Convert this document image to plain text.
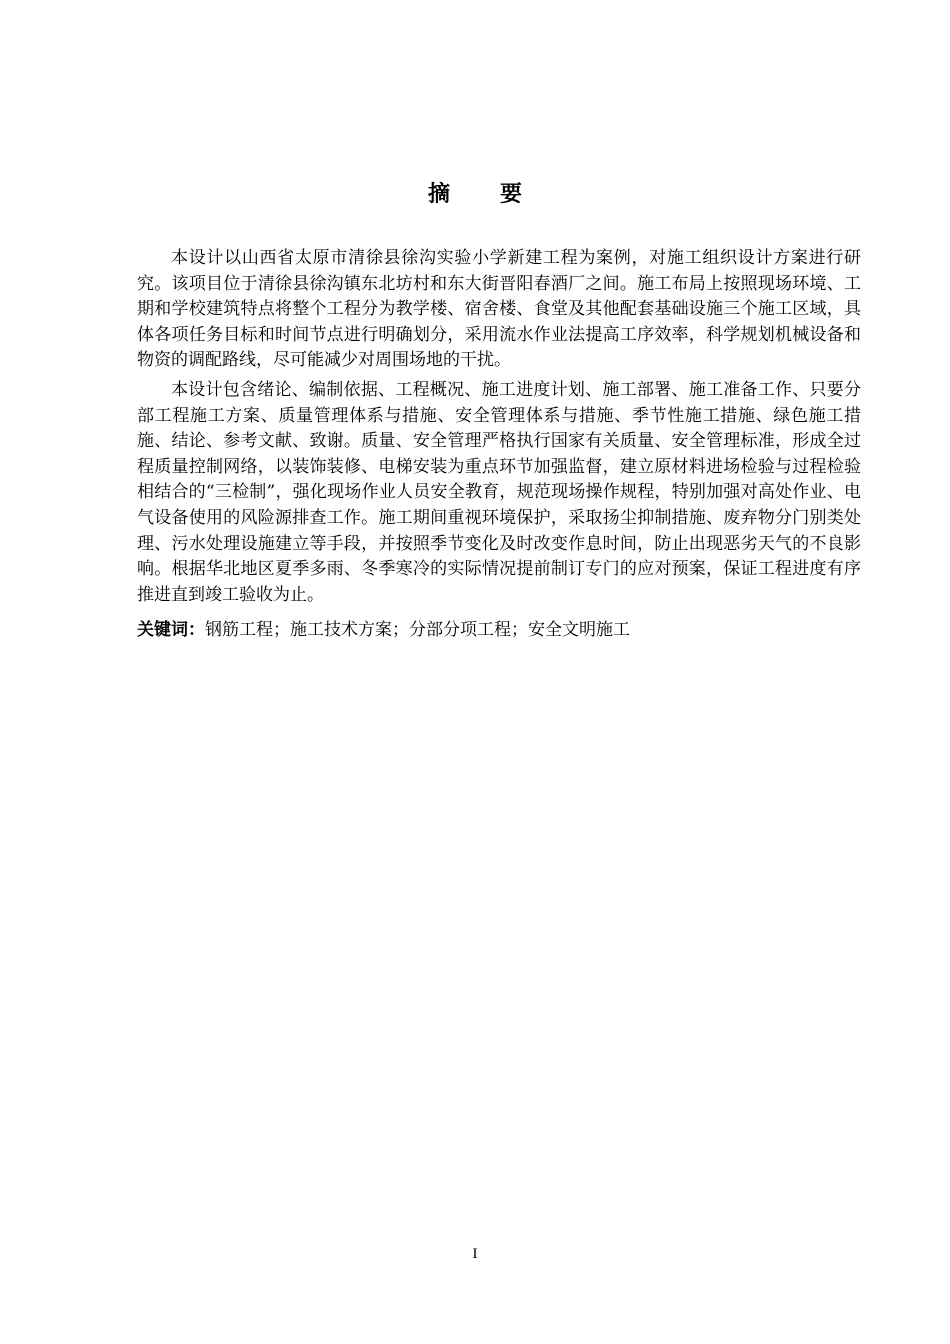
摘要

本设计以山西省太原市清徐县徐沟实验小学新建工程为案例，对施工组织设计方案进行研究。该项目位于清徐县徐沟镇东北坊村和东大街晋阳春酒厂之间。施工布局上按照现场环境、工期和学校建筑特点将整个工程分为教学楼、宿舍楼、食堂及其他配套基础设施三个施工区域，具体各项任务目标和时间节点进行明确划分，采用流水作业法提高工序效率，科学规划机械设备和物资的调配路线，尽可能减少对周围场地的干扰。

本设计包含绪论、编制依据、工程概况、施工进度计划、施工部署、施工准备工作、只要分部工程施工方案、质量管理体系与措施、安全管理体系与措施、季节性施工措施、绿色施工措施、结论、参考文献、致谢。质量、安全管理严格执行国家有关质量、安全管理标准，形成全过程质量控制网络，以装饰装修、电梯安装为重点环节加强监督，建立原材料进场检验与过程检验相结合的“三检制”，强化现场作业人员安全教育，规范现场操作规程，特别加强对高处作业、电气设备使用的风险源排查工作。施工期间重视环境保护，采取扬尘抑制措施、废弃物分门别类处理、污水处理设施建立等手段，并按照季节变化及时改变作息时间，防止出现恶劣天气的不良影响。根据华北地区夏季多雨、冬季寒冷的实际情况提前制订专门的应对预案，保证工程进度有序推进直到竣工验收为止。

关键词：钢筋工程；施工技术方案；分部分项工程；安全文明施工
I
